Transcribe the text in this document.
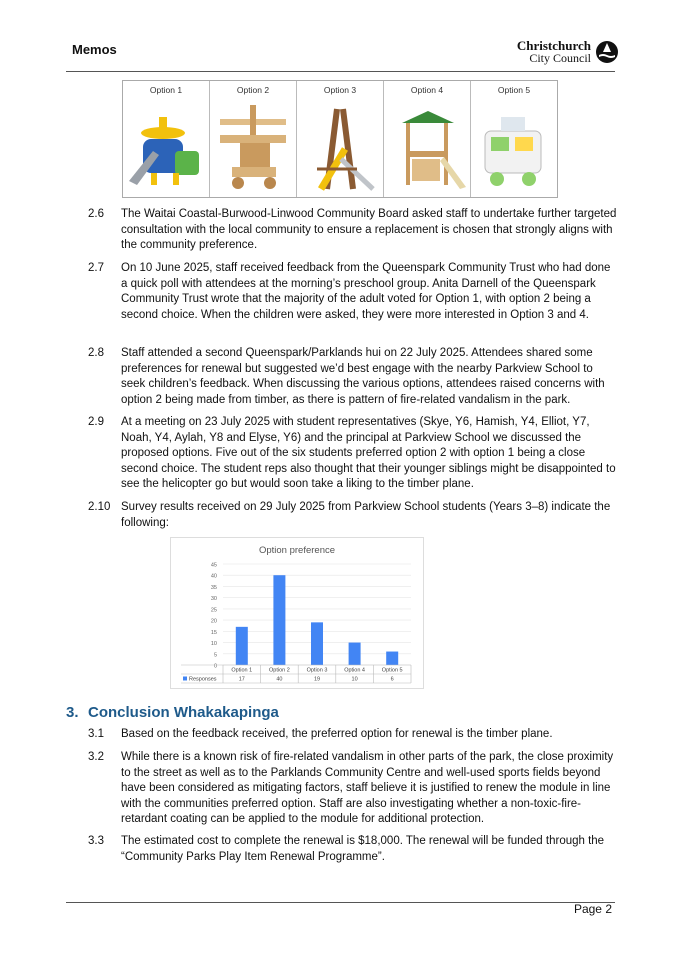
Memos	Christchurch
City Council
Option 1	Option 2	Option 3	Option 4	Option 5
2.6	The Waitai Coastal-Burwood-Linwood Community Board asked staff to undertake further targeted consultation with the local community to ensure a replacement is chosen that strongly aligns with the community preference.
2.7	On 10 June 2025, staff received feedback from the Queenspark Community Trust who had done a quick poll with attendees at the morning’s preschool group. Anita Darnell of the Queenspark Community Trust wrote that the majority of the adult voted for Option 1, with option 2 being a second choice. When the children were asked, they were more interested in Option 3 and 4.
2.8	Staff attended a second Queenspark/Parklands hui on 22 July 2025. Attendees shared some preferences for renewal but suggested we’d best engage with the nearby Parkview School to seek children’s feedback. When discussing the various options, attendees raised concerns with option 2 being made from timber, as there is pattern of fire-related vandalism in the park.
2.9	At a meeting on 23 July 2025 with student representatives (Skye, Y6, Hamish, Y4, Elliot, Y7, Noah, Y4, Aylah, Y8 and Elyse, Y6) and the principal at Parkview School we discussed the proposed options. Five out of the six students preferred option 2 with option 1 being a close second choice. The student reps also thought that their younger siblings might be disappointed to see the helicopter go but would soon take a liking to the timber plane.
2.10 Survey results received on 29 July 2025 from Parkview School students (Years 3–8) indicate the following:
Option preference
0
5
10
15
20
25
30
35
40
45
Option 1
17
Option 2
40
Option 3
19
Option 4
10
Option 5
6
Responses
3. Conclusion Whakakapinga
3.1	Based on the feedback received, the preferred option for renewal is the timber plane.
3.2	While there is a known risk of fire-related vandalism in other parts of the park, the close proximity to the street as well as to the Parklands Community Centre and well-used sports fields beyond have been considered as mitigating factors, staff believe it is justified to renew the module in line with the communities preferred option. Staff are also investigating whether a non-toxic-fire-retardant coating can be applied to the module for additional protection.
3.3	The estimated cost to complete the renewal is $18,000. The renewal will be funded through the “Community Parks Play Item Renewal Programme”.
Page 2
